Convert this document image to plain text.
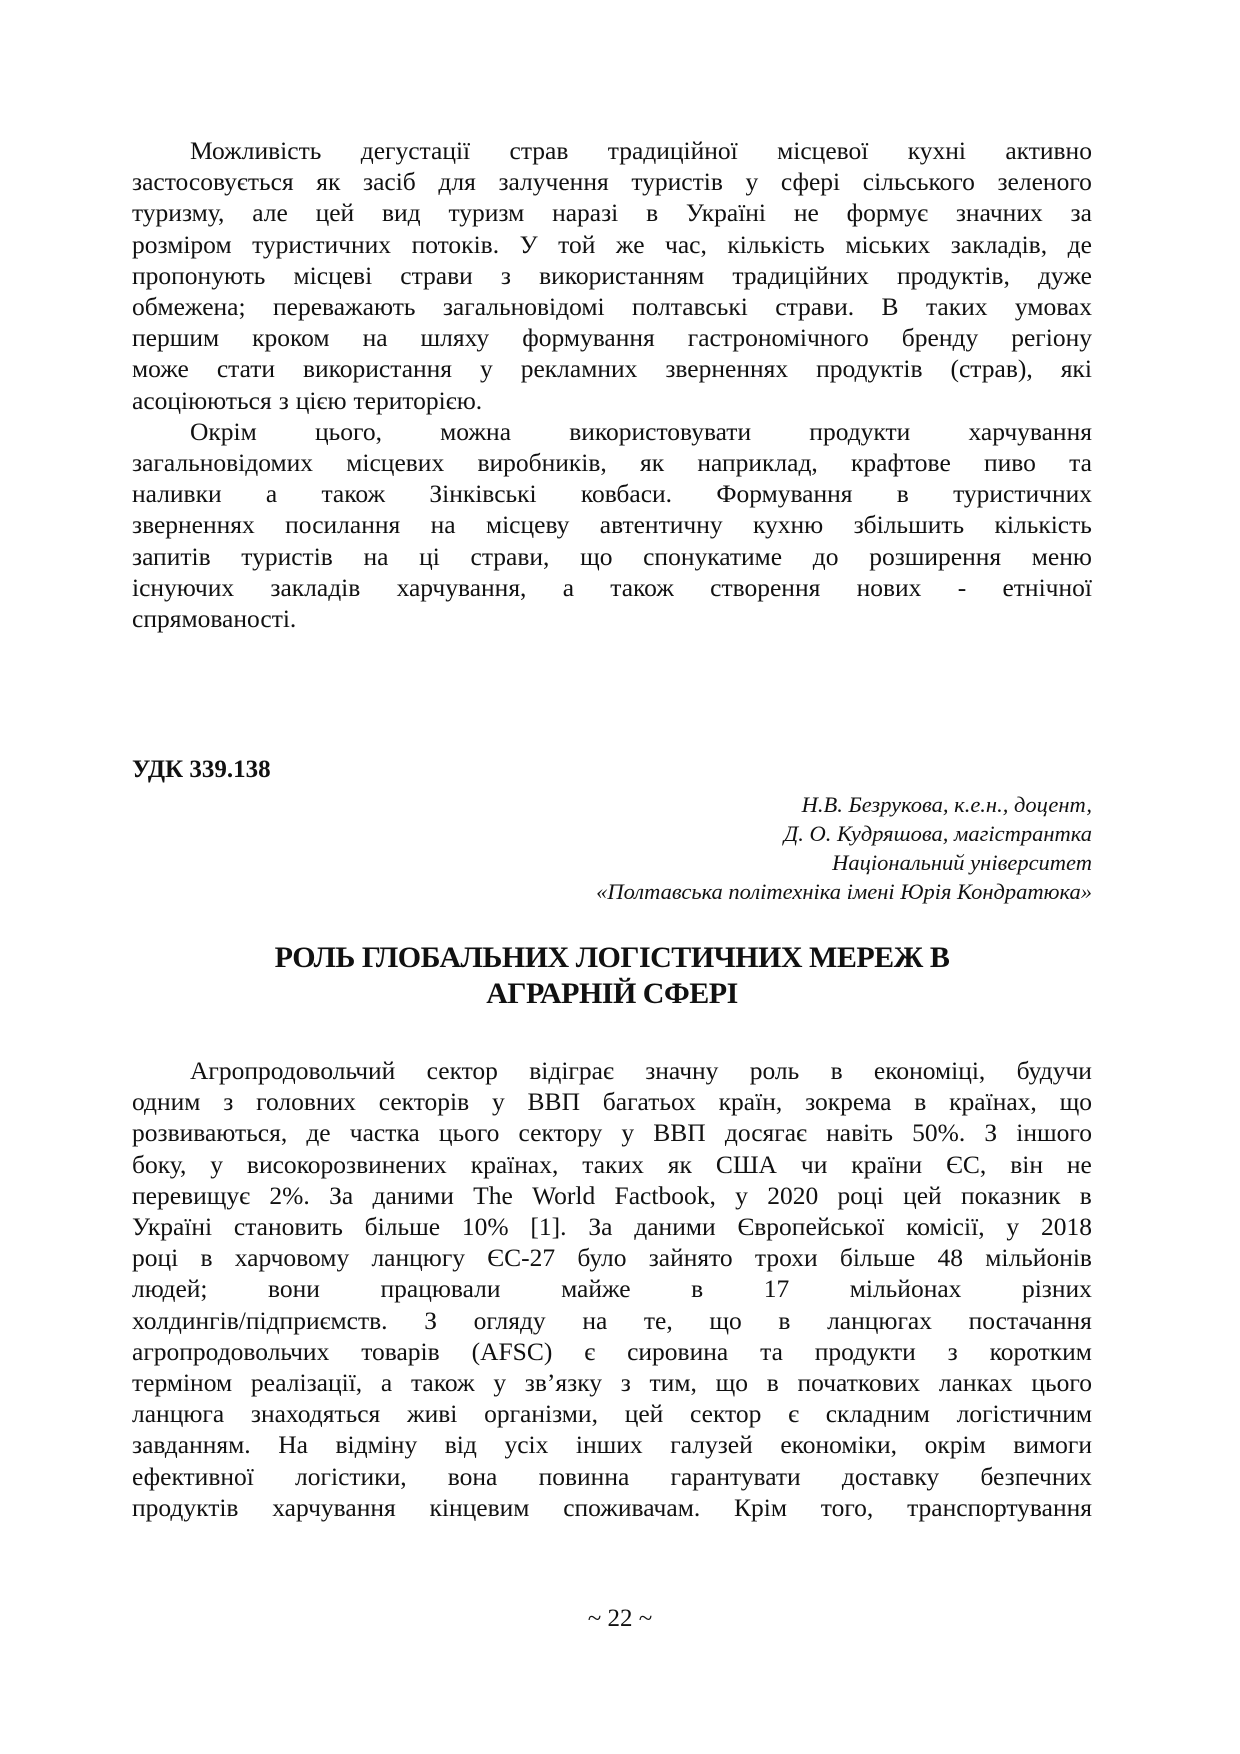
Можливість дегустації страв традиційної місцевої кухні активно
застосовується як засіб для залучення туристів у сфері сільського зеленого
туризму, але цей вид туризм наразі в Україні не формує значних за
розміром туристичних потоків. У той же час, кількість міських закладів, де
пропонують місцеві страви з використанням традиційних продуктів, дуже
обмежена; переважають загальновідомі полтавські страви. В таких умовах
першим кроком на шляху формування гастрономічного бренду регіону
може стати використання у рекламних зверненнях продуктів (страв), які
асоціюються з цією територією.
Окрім цього, можна використовувати продукти харчування
загальновідомих місцевих виробників, як наприклад, крафтове пиво та
наливки а також Зінківські ковбаси. Формування в туристичних
зверненнях посилання на місцеву автентичну кухню збільшить кількість
запитів туристів на ці страви, що спонукатиме до розширення меню
існуючих закладів харчування, а також створення нових - етнічної
спрямованості.

УДК 339.138

Н.В. Безрукова, к.е.н., доцент,
Д. О. Кудряшова, магістрантка
Національний університет
«Полтавська політехніка імені Юрія Кондратюка»
РОЛЬ ГЛОБАЛЬНИХ ЛОГІСТИЧНИХ МЕРЕЖ В
АГРАРНІЙ СФЕРІ
Агропродовольчий сектор відіграє значну роль в економіці, будучи
одним з головних секторів у ВВП багатьох країн, зокрема в країнах, що
розвиваються, де частка цього сектору у ВВП досягає навіть 50%. З іншого
боку, у високорозвинених країнах, таких як США чи країни ЄС, він не
перевищує 2%. За даними The World Factbook, у 2020 році цей показник в
Україні становить більше 10% [1]. За даними Європейської комісії, у 2018
році в харчовому ланцюгу ЄС-27 було зайнято трохи більше 48 мільйонів
людей; вони працювали майже в 17 мільйонах різних
холдингів/підприємств. З огляду на те, що в ланцюгах постачання
агропродовольчих товарів (AFSC) є сировина та продукти з коротким
терміном реалізації, а також у зв’язку з тим, що в початкових ланках цього
ланцюга знаходяться живі організми, цей сектор є складним логістичним
завданням. На відміну від усіх інших галузей економіки, окрім вимоги
ефективної логістики, вона повинна гарантувати доставку безпечних
продуктів харчування кінцевим споживачам. Крім того, транспортування
~ 22 ~
